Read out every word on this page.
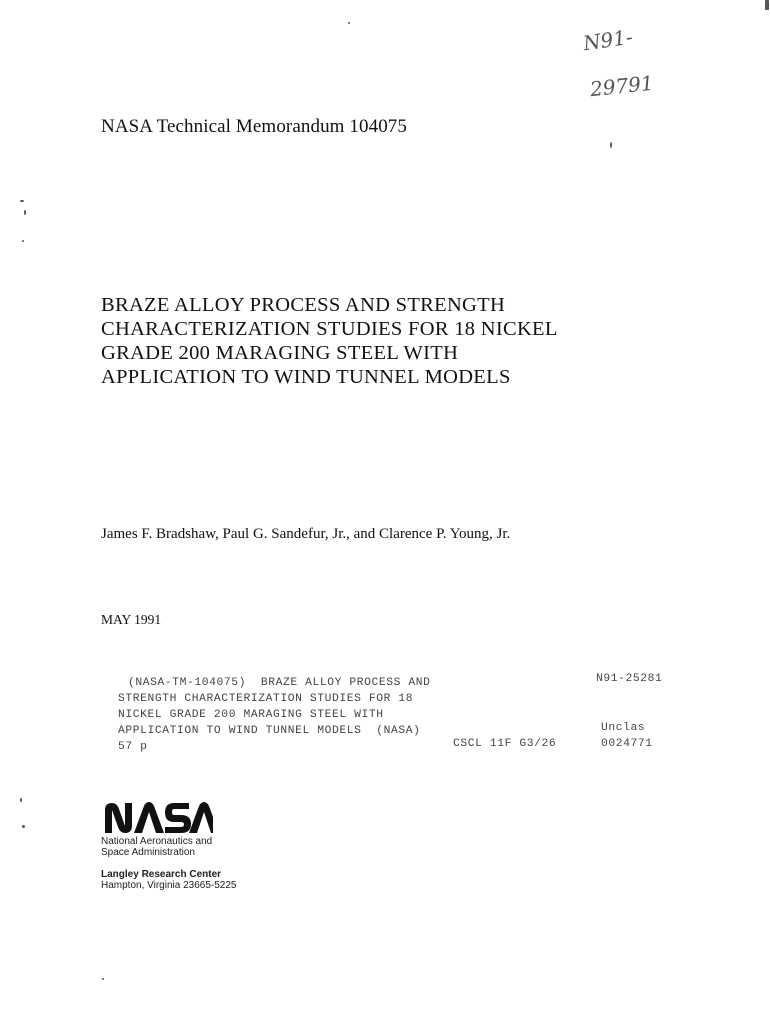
N91-
29791
NASA Technical Memorandum 104075
BRAZE ALLOY PROCESS AND STRENGTH
CHARACTERIZATION STUDIES FOR 18 NICKEL
GRADE 200 MARAGING STEEL WITH
APPLICATION TO WIND TUNNEL MODELS
James F. Bradshaw, Paul G. Sandefur, Jr., and Clarence P. Young, Jr.
MAY 1991
(NASA-TM-104075)  BRAZE ALLOY PROCESS AND
STRENGTH CHARACTERIZATION STUDIES FOR 18
NICKEL GRADE 200 MARAGING STEEL WITH
APPLICATION TO WIND TUNNEL MODELS  (NASA)
57 p
N91-25281
Unclas
CSCL 11F G3/26	0024771
National Aeronautics and
Space Administration
Langley Research Center
Hampton, Virginia 23665-5225
